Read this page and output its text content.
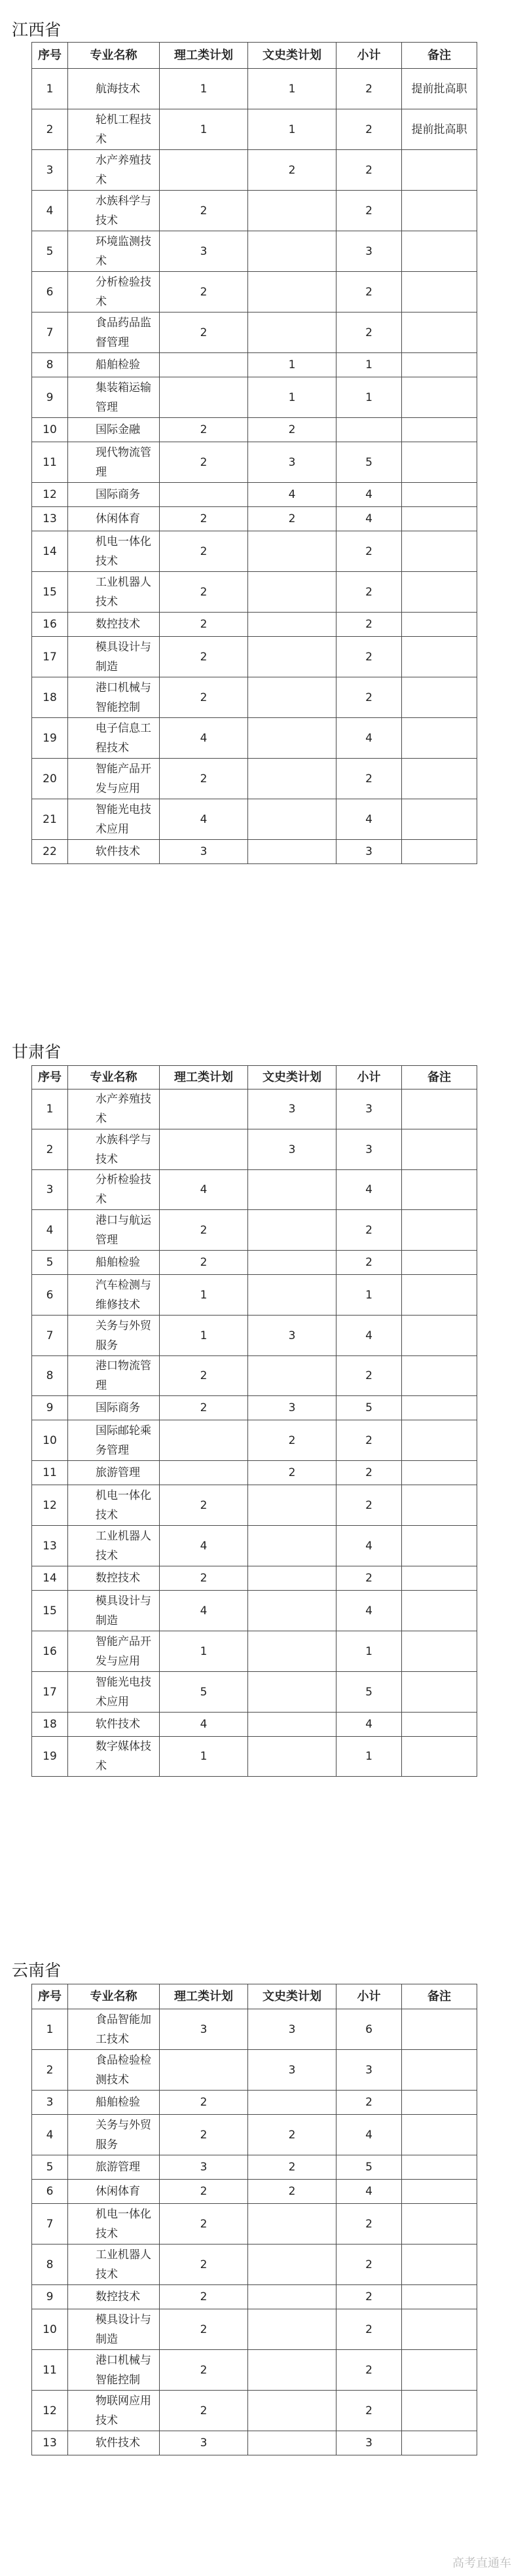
江西省
序号	专业名称	理工类计划	文史类计划	小计	备注
1	航海技术	1	1	2	提前批高职
2	轮机工程技术	1	1	2	提前批高职
3	水产养殖技术		2	2	
4	水族科学与技术	2		2	
5	环境监测技术	3		3	
6	分析检验技术	2		2	
7	食品药品监督管理	2		2	
8	船舶检验		1	1	
9	集装箱运输管理		1	1	
10	国际金融	2	2		
11	现代物流管理	2	3	5	
12	国际商务		4	4	
13	休闲体育	2	2	4	
14	机电一体化技术	2		2	
15	工业机器人技术	2		2	
16	数控技术	2		2	
17	模具设计与制造	2		2	
18	港口机械与智能控制	2		2	
19	电子信息工程技术	4		4	
20	智能产品开发与应用	2		2	
21	智能光电技术应用	4		4	
22	软件技术	3		3	
甘肃省
序号	专业名称	理工类计划	文史类计划	小计	备注
1	水产养殖技术		3	3	
2	水族科学与技术		3	3	
3	分析检验技术	4		4	
4	港口与航运管理	2		2	
5	船舶检验	2		2	
6	汽车检测与维修技术	1		1	
7	关务与外贸服务	1	3	4	
8	港口物流管理	2		2	
9	国际商务	2	3	5	
10	国际邮轮乘务管理		2	2	
11	旅游管理		2	2	
12	机电一体化技术	2		2	
13	工业机器人技术	4		4	
14	数控技术	2		2	
15	模具设计与制造	4		4	
16	智能产品开发与应用	1		1	
17	智能光电技术应用	5		5	
18	软件技术	4		4	
19	数字媒体技术	1		1	
云南省
序号	专业名称	理工类计划	文史类计划	小计	备注
1	食品智能加工技术	3	3	6	
2	食品检验检测技术		3	3	
3	船舶检验	2		2	
4	关务与外贸服务	2	2	4	
5	旅游管理	3	2	5	
6	休闲体育	2	2	4	
7	机电一体化技术	2		2	
8	工业机器人技术	2		2	
9	数控技术	2		2	
10	模具设计与制造	2		2	
11	港口机械与智能控制	2		2	
12	物联网应用技术	2		2	
13	软件技术	3		3	
高考直通车
